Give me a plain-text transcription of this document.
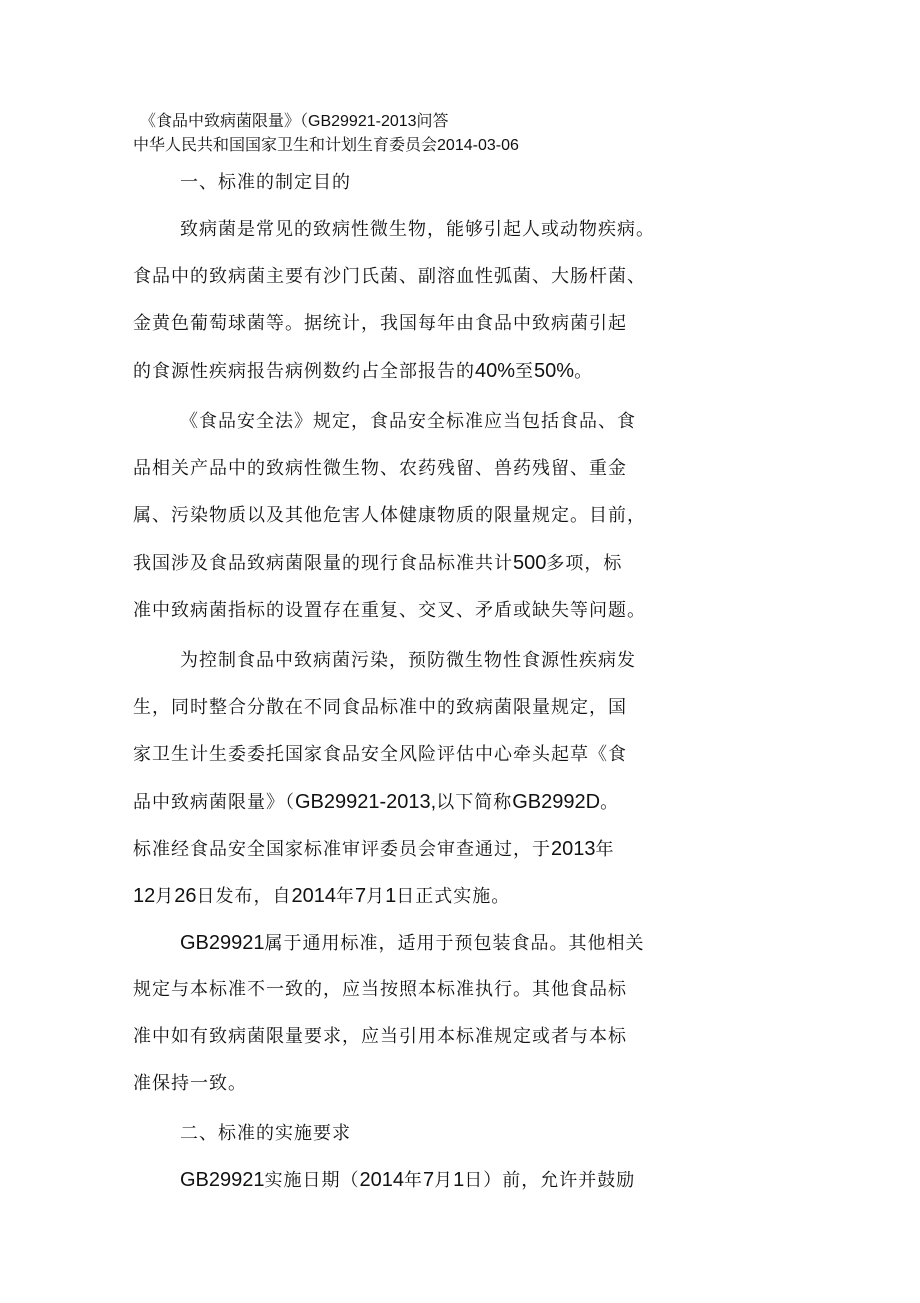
《食品中致病菌限量》（GB29921-2013问答

中华人民共和国国家卫生和计划生育委员会2014-03-06

一、标准的制定目的

致病菌是常见的致病性微生物，能够引起人或动物疾病。

食品中的致病菌主要有沙门氏菌、副溶血性弧菌、大肠杆菌、

金黄色葡萄球菌等。据统计，我国每年由食品中致病菌引起

的食源性疾病报告病例数约占全部报告的40%至50%。

《食品安全法》规定，食品安全标准应当包括食品、食

品相关产品中的致病性微生物、农药残留、兽药残留、重金

属、污染物质以及其他危害人体健康物质的限量规定。目前，

我国涉及食品致病菌限量的现行食品标准共计500多项，标

准中致病菌指标的设置存在重复、交叉、矛盾或缺失等问题。

为控制食品中致病菌污染，预防微生物性食源性疾病发

生，同时整合分散在不同食品标准中的致病菌限量规定，国

家卫生计生委委托国家食品安全风险评估中心牵头起草《食

品中致病菌限量》（GB29921-2013,以下简称GB2992D。

标准经食品安全国家标准审评委员会审查通过，于2013年

12月26日发布，自2014年7月1日正式实施。

GB29921属于通用标准，适用于预包装食品。其他相关

规定与本标准不一致的，应当按照本标准执行。其他食品标

准中如有致病菌限量要求，应当引用本标准规定或者与本标

准保持一致。

二、标准的实施要求

GB29921实施日期（2014年7月1日）前，允许并鼓励
